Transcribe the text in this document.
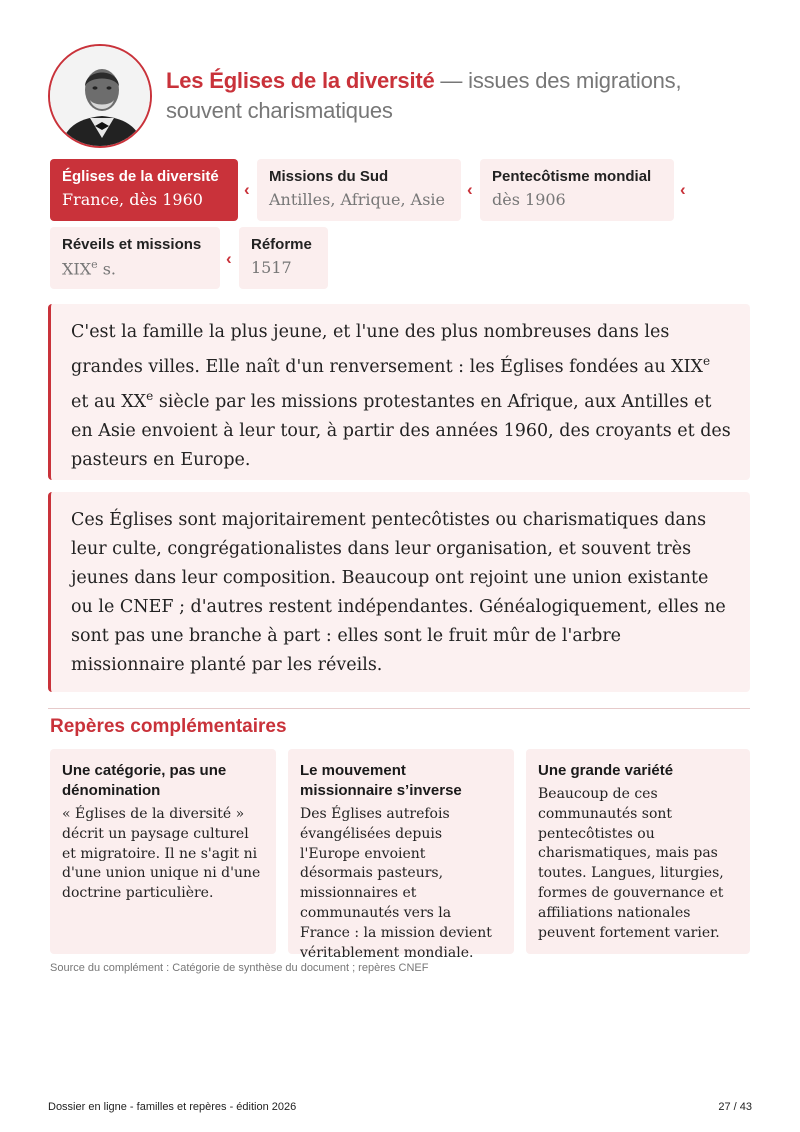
Les Églises de la diversité — issues des migrations, souvent charismatiques
Églises de la diversité
France, dès 1960
‹
Missions du Sud
Antilles, Afrique, Asie
‹
Pentecôtisme mondial
dès 1906
‹
Réveils et missions
XIXe s.
‹
Réforme
1517
C'est la famille la plus jeune, et l'une des plus nombreuses dans les grandes villes. Elle naît d'un renversement : les Églises fondées au XIXe et au XXe siècle par les missions protestantes en Afrique, aux Antilles et en Asie envoient à leur tour, à partir des années 1960, des croyants et des pasteurs en Europe.
Ces Églises sont majoritairement pentecôtistes ou charismatiques dans leur culte, congrégationalistes dans leur organisation, et souvent très jeunes dans leur composition. Beaucoup ont rejoint une union existante ou le CNEF ; d'autres restent indépendantes. Généalogiquement, elles ne sont pas une branche à part : elles sont le fruit mûr de l'arbre missionnaire planté par les réveils.
Repères complémentaires
Une catégorie, pas une dénomination
« Églises de la diversité » décrit un paysage culturel et migratoire. Il ne s'agit ni d'une union unique ni d'une doctrine particulière.
Le mouvement missionnaire s’inverse
Des Églises autrefois évangélisées depuis l'Europe envoient désormais pasteurs, missionnaires et communautés vers la France : la mission devient véritablement mondiale.
Une grande variété
Beaucoup de ces communautés sont pentecôtistes ou charismatiques, mais pas toutes. Langues, liturgies, formes de gouvernance et affiliations nationales peuvent fortement varier.
Source du complément : Catégorie de synthèse du document ; repères CNEF
Dossier en ligne - familles et repères - édition 2026	27 / 43
